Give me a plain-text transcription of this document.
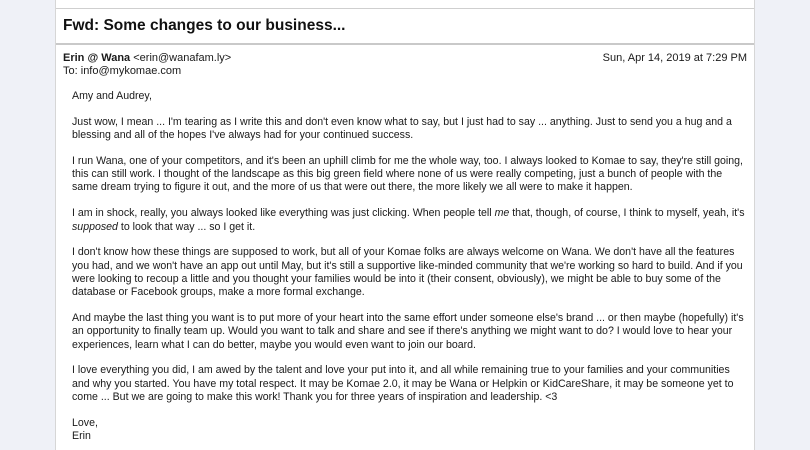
Fwd: Some changes to our business...
Erin @ Wana <erin@wanafam.ly>	Sun, Apr 14, 2019 at 7:29 PM
To: info@mykomae.com

Amy and Audrey,

Just wow, I mean ... I'm tearing as I write this and don't even know what to say, but I just had to say ... anything. Just to send you a hug and a blessing and all of the hopes I've always had for your continued success.

I run Wana, one of your competitors, and it's been an uphill climb for me the whole way, too. I always looked to Komae to say, they're still going, this can still work. I thought of the landscape as this big green field where none of us were really competing, just a bunch of people with the same dream trying to figure it out, and the more of us that were out there, the more likely we all were to make it happen.

I am in shock, really, you always looked like everything was just clicking. When people tell me that, though, of course, I think to myself, yeah, it's supposed to look that way ... so I get it.

I don't know how these things are supposed to work, but all of your Komae folks are always welcome on Wana. We don't have all the features you had, and we won't have an app out until May, but it's still a supportive like-minded community that we're working so hard to build. And if you were looking to recoup a little and you thought your families would be into it (their consent, obviously), we might be able to buy some of the database or Facebook groups, make a more formal exchange.

And maybe the last thing you want is to put more of your heart into the same effort under someone else's brand ... or then maybe (hopefully) it's an opportunity to finally team up. Would you want to talk and share and see if there's anything we might want to do? I would love to hear your experiences, learn what I can do better, maybe you would even want to join our board.

I love everything you did, I am awed by the talent and love your put into it, and all while remaining true to your families and your communities and why you started. You have my total respect. It may be Komae 2.0, it may be Wana or Helpkin or KidCareShare, it may be someone yet to come ... But we are going to make this work! Thank you for three years of inspiration and leadership. <3

Love,

Erin
